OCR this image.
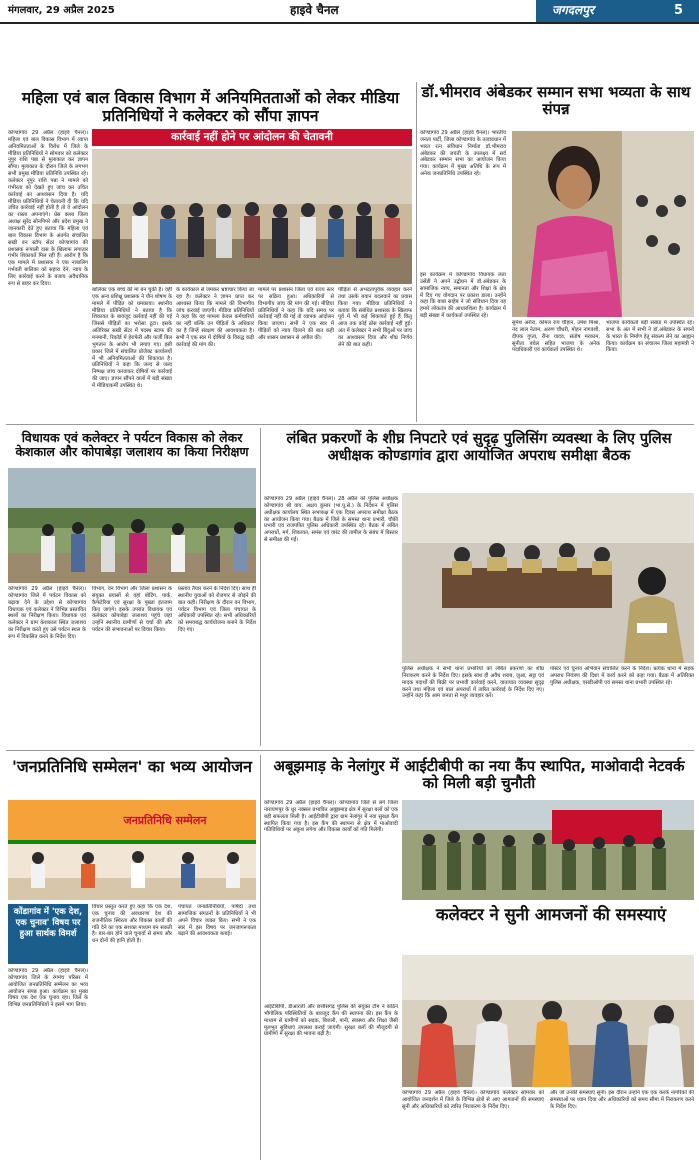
मंगलवार, 29 अप्रैल 2025	हाइवे चैनल	जगदलपुर	5
महिला एवं बाल विकास विभाग में अनियमितताओं को लेकर मीडिया प्रतिनिधियों ने कलेक्टर को सौंपा ज्ञापन
कार्रवाई नहीं होने पर आंदोलन की चेतावनी
कोण्डागांव 29 अप्रैल (हाइवे चैनल)। महिला एवं बाल विकास विभाग में व्याप्त अनियमितताओं के विरोध में जिले के मीडिया प्रतिनिधियों ने सोमवार को कलेक्टर नूपुर राशि पन्ना से मुलाकात कर ज्ञापन सौंपा। मुलाकात के दौरान जिले के लगभग सभी प्रमुख मीडिया प्रतिनिधि उपस्थित रहे। कलेक्टर नूपुर राशि पन्ना ने मामले को गंभीरता को देखते हुए जांच कर उचित कार्रवाई का आश्वासन दिया है। यदि मीडिया प्रतिनिधियों ने चेतावनी दी कि यदि उचित कार्रवाई नहीं होती है तो वे आंदोलन का रास्ता अपनाएंगे। प्रेस क्लब जिला अध्यक्ष सुरेंद्र सोनपिपरे और प्रदेश प्रमुख ने जानकारी देते हुए बताया कि महिला एवं बाल विकास विभाग के अंतर्गत संचालित सखी वन स्टॉप सेंटर कोण्डागांव की प्रशासक रूपाली दास के खिलाफ लगातार गंभीर शिकायतें मिल रही हैं। आरोप है कि एक मामले में प्रशासक ने एक नाबालिग गर्भवती बालिका को सहारा देने, न्याय के लिए कार्रवाई करने के बजाय अवैधानिक रूप से बाहर कर दिया।
बालिका एक बच्चे की मां बन चुकी है। वहीं एक अन्य प्रशिक्षु प्रशासक ने यौन शोषण के मामले में पीड़ित को धमकाया। स्थानीय मीडिया प्रतिनिधियों ने बताया है कि शिकायत के बावजूद कार्रवाई नहीं की गई जिससे पीड़ितों का भरोसा टूटा। इसके अतिरिक्त सखी सेंटर में पदस्थ स्टाफ की मनमानी, रिकॉर्ड में हेराफेरी और फर्जी बिल भुगतान के आरोप भी लगाए गए। इसी प्रकार जिले में संचालित प्रोजेक्ट कार्यालयों में भी अनियमितताओं की शिकायत है। प्रतिनिधियों ने कहा कि जल्द से जल्द निष्पक्ष जांच करवाकर दोषियों पर कार्रवाई की जाए। ज्ञापन सौंपने वालों में बड़ी संख्या में मीडियाकर्मी उपस्थित थे।
के कार्यकाल से जमकर भ्रष्टाचार किया जा रहा है। कलेक्टर ने ज्ञापन प्राप्त कर आश्वस्त किया कि मामले की विभागीय जांच करवाई जाएगी। मीडिया प्रतिनिधियों ने कहा कि यह मामला केवल कर्मचारियों का नहीं बल्कि उन पीड़ितों के अधिकार का है जिन्हें संरक्षण की आवश्यकता है। सभी ने एक स्वर में दोषियों के विरुद्ध कड़ी कार्रवाई की मांग की।
मामले पर प्रशासन जिला एवं राज्य स्तर पर सक्रिय हुआ। अधिकारियों से विभागीय जांच की मांग की गई। मीडिया प्रतिनिधियों ने कहा कि यदि समय पर कार्रवाई नहीं की गई तो व्यापक आंदोलन किया जाएगा। सभी ने एक स्वर में पीड़ितों को न्याय दिलाने की बात कही और शासन प्रशासन से अपील की।
पीड़िता से अभद्रतापूर्वक व्यवहार करने तथा उसके बयान बदलवाने का प्रयास किया गया। मीडिया प्रतिनिधियों ने बताया कि संबंधित प्रशासक के खिलाफ पूर्व में भी कई शिकायतें हुई हैं किंतु आज तक कोई ठोस कार्रवाई नहीं हुई। अंत में कलेक्टर ने सभी बिंदुओं पर जांच का आश्वासन दिया और शीघ्र निर्णय लेने की बात कही।
डॉ.भीमराव अंबेडकर सम्मान सभा भव्यता के साथ संपन्न
कोण्डागांव 29 अप्रैल (हाइवे चैनल)। भारतीय जनता पार्टी, जिला कोण्डागांव के तत्वावधान में भारत रत्न संविधान निर्माता डॉ.भीमराव अंबेडकर की जयंती के उपलक्ष्य में सर्व अंबेडकर सम्मान सभा का आयोजन किया गया। कार्यक्रम में मुख्य अतिथि के रूप में अनेक जनप्रतिनिधि उपस्थित रहे।
इस कार्यक्रम में कोण्डागांव विधायक लता उसेंडी ने अपने उद्बोधन में डॉ.अंबेडकर के सामाजिक न्याय, समानता और शिक्षा के क्षेत्र में दिए गए योगदान पर प्रकाश डाला। उन्होंने कहा कि बाबा साहेब ने जो संविधान दिया वह हमारे लोकतंत्र की आधारशिला है। कार्यक्रम में बड़ी संख्या में कार्यकर्ता उपस्थित रहे।
सुमेश अरोरा, कोमल राय चौहान, उमेश मिश्रा, नंद लाल नेताम, अरुण चौधरी, मोहन नागवंशी, दीपक गुप्ता, रीना यादव, संतोष मरकाम, सुनीता बघेल सहित भाजपा के अनेक पदाधिकारी एवं कार्यकर्ता उपस्थित थे।
भाजपा कार्यकर्ता बड़ी संख्या में उपस्थित रहे। सभा के अंत में सभी ने डॉ.अंबेडकर के सपनों के भारत के निर्माण हेतु संकल्प लेने का आह्वान किया। कार्यक्रम का संचालन जिला महामंत्री ने किया।
विधायक एवं कलेक्टर ने पर्यटन विकास को लेकर केशकाल और कोपाबेड़ा जलाशय का किया निरीक्षण
कोण्डागांव 29 अप्रैल (हाइवे चैनल)। कोण्डागांव जिले में पर्यटन विकास को बढ़ावा देने के उद्देश्य से कोण्डागांव विधायक एवं कलेक्टर ने विभिन्न प्रस्तावित स्थलों का निरीक्षण किया। विधायक एवं कलेक्टर ने ग्राम केशकाल स्थित जलाशय का निरीक्षण करते हुए उसे पर्यटन स्थल के रूप में विकसित करने के निर्देश दिए।
विभाग, वन विभाग और जिला प्रशासन के संयुक्त प्रयासों से यहां बोटिंग, पार्क, कैफेटेरिया एवं सुरक्षा के पुख्ता इंतजाम किए जाएंगे। इसके उपरांत विधायक एवं कलेक्टर कोपाबेड़ा जलाशय पहुंचे जहां उन्होंने स्थानीय ग्रामीणों से चर्चा की और पर्यटन की संभावनाओं पर विचार किया।
प्रस्ताव तैयार करने के निर्देश दिए। साथ ही स्थानीय युवाओं को रोजगार से जोड़ने की बात कही। निरीक्षण के दौरान वन विभाग, पर्यटन विभाग एवं जिला पंचायत के अधिकारी उपस्थित रहे। सभी अधिकारियों को समयबद्ध कार्ययोजना बनाने के निर्देश दिए गए।
लंबित प्रकरणों के शीघ्र निपटारे एवं सुदृढ़ पुलिसिंग व्यवस्था के लिए पुलिस अधीक्षक कोण्डागांव द्वारा आयोजित अपराध समीक्षा बैठक
कोण्डागांव 29 अप्रैल (हाइवे चैनल)। 28 अप्रैल को पुलिस अधीक्षक कोण्डागांव श्री वाय. अक्षय कुमार (भा.पु.से.) के निर्देशन में पुलिस अधीक्षक कार्यालय स्थित सभाकक्ष में एक दिवस अपराध समीक्षा बैठक का आयोजन किया गया। बैठक में जिले के समस्त थाना प्रभारी, चौकी प्रभारी एवं राजपत्रित पुलिस अधिकारी उपस्थित रहे। बैठक में लंबित अपराधों, मर्ग, शिकायत, समंस एवं वारंट की तामील के संबंध में विस्तार से समीक्षा की गई।
पुलिस अधीक्षक ने सभी थाना प्रभारियों को लंबित प्रकरणों का शीघ्र निराकरण करने के निर्देश दिए। इसके साथ ही अवैध शराब, जुआ, सट्टा एवं मादक पदार्थों की बिक्री पर प्रभावी कार्रवाई करने, यातायात व्यवस्था सुदृढ़ करने तथा महिला एवं बाल अपराधों में त्वरित कार्रवाई के निर्देश दिए गए। उन्होंने कहा कि आम जनता से मधुर व्यवहार करें।
पोस्टर एवं चुनाव अभियान संचालित करने के निर्देश। प्रत्येक थाना में सड़क अपराध नियंत्रण की दिशा में कार्य करने को कहा गया। बैठक में अतिरिक्त पुलिस अधीक्षक, एसडीओपी एवं समस्त थाना प्रभारी उपस्थित रहे।
'जनप्रतिनिधि सम्मेलन' का भव्य आयोजन
जनप्रतिनिधि सम्मेलन
कोंडागांव में 'एक देश, एक चुनाव' विषय पर हुआ सार्थक विमर्श
कोण्डागांव 29 अप्रैल (हाइवे चैनल)। कोण्डागांव जिले के रंगमंच परिसर में आयोजित जनप्रतिनिधि सम्मेलन का भव्य आयोजन संपन्न हुआ। कार्यक्रम का मुख्य विषय एक देश एक चुनाव रहा। जिले के विभिन्न जनप्रतिनिधियों ने इसमें भाग लिया।
विचार प्रस्तुत करते हुए कहा कि एक देश, एक चुनाव की अवधारणा देश की राजनीतिक स्थिरता और विकास कार्यों की गति देने का एक सशक्त माध्यम बन सकती है। बार-बार होने वाले चुनावों से समय और धन दोनों की हानि होती है।
पंचायत जनप्रतिनिधियों, पार्षदों तथा सामाजिक संगठनों के प्रतिनिधियों ने भी अपने विचार व्यक्त किए। सभी ने एक स्वर में इस विषय पर जनजागरूकता बढ़ाने की आवश्यकता बताई।
अबूझमाड़ के नेलांगुर में आईटीबीपी का नया कैंप स्थापित, माओवादी नेटवर्क को मिली बड़ी चुनौती
कोण्डागांव 29 अप्रैल (हाइवे चैनल)। कोण्डागांव जिले से लगे जिला नारायणपुर के धुर नक्सल प्रभावित अबूझमाड़ क्षेत्र में सुरक्षा बलों को एक बड़ी सफलता मिली है। आईटीबीपी द्वारा ग्राम नेलांगुर में नया सुरक्षा कैंप स्थापित किया गया है। इस कैंप की स्थापना से क्षेत्र में माओवादी गतिविधियों पर अंकुश लगेगा और विकास कार्यों को गति मिलेगी।
आईटीबीपी, डीआरजी और छत्तीसगढ़ पुलिस की संयुक्त टीम ने कठिन भौगोलिक परिस्थितियों के बावजूद कैंप की स्थापना की। इस कैंप के माध्यम से ग्रामीणों को सड़क, बिजली, पानी, स्वास्थ्य और शिक्षा जैसी मूलभूत सुविधाएं उपलब्ध कराई जाएंगी। सुरक्षा बलों की मौजूदगी से ग्रामीणों में सुरक्षा की भावना बढ़ी है।
कलेक्टर ने सुनी आमजनों की समस्याएं
कोण्डागांव 29 अप्रैल (हाइवे चैनल)। कोण्डागांव कलेक्टर सोमवार को आयोजित जनदर्शन में जिले के विभिन्न क्षेत्रों से आए आमजनों की समस्याएं सुनी और अधिकारियों को त्वरित निराकरण के निर्देश दिए।
और जो उनकी समस्याएं सुनी। इस दौरान उन्होंने एक एक करके नागरिकों की समस्याओं पर ध्यान दिया और अधिकारियों को समय सीमा में निराकरण करने के निर्देश दिए।
